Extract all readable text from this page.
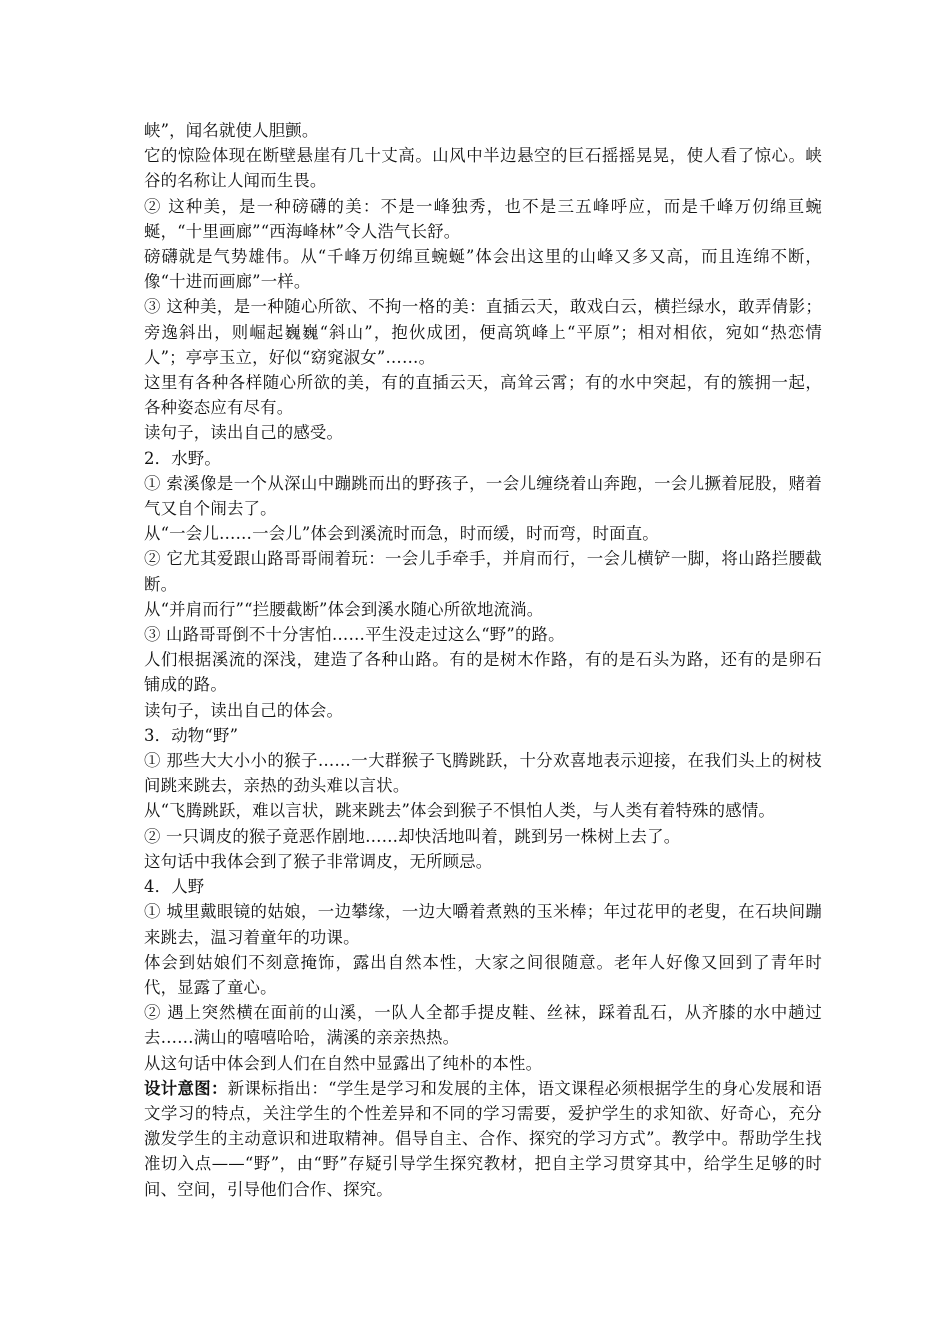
峡”，闻名就使人胆颤。

它的惊险体现在断壁悬崖有几十丈高。山风中半边悬空的巨石摇摇晃晃，使人看了惊心。峡谷的名称让人闻而生畏。

② 这种美，是一种磅礴的美：不是一峰独秀，也不是三五峰呼应，而是千峰万仞绵亘蜿蜒，“十里画廊”“西海峰林”令人浩气长舒。

磅礴就是气势雄伟。从“千峰万仞绵亘蜿蜒”体会出这里的山峰又多又高，而且连绵不断，像“十进而画廊”一样。

③ 这种美，是一种随心所欲、不拘一格的美：直插云天，敢戏白云，横拦绿水，敢弄倩影；旁逸斜出，则崛起巍巍“斜山”，抱伙成团，便高筑峰上“平原”；相对相依，宛如“热恋情人”；亭亭玉立，好似“窈窕淑女”……。

这里有各种各样随心所欲的美，有的直插云天，高耸云霄；有的水中突起，有的簇拥一起，各种姿态应有尽有。

读句子，读出自己的感受。

2．水野。

① 索溪像是一个从深山中蹦跳而出的野孩子，一会儿缠绕着山奔跑，一会儿撅着屁股，赌着气又自个闹去了。

从“一会儿……一会儿”体会到溪流时而急，时而缓，时而弯，时面直。

② 它尤其爱跟山路哥哥闹着玩：一会儿手牵手，并肩而行，一会儿横铲一脚，将山路拦腰截断。

从“并肩而行”“拦腰截断”体会到溪水随心所欲地流淌。

③ 山路哥哥倒不十分害怕……平生没走过这么“野”的路。

人们根据溪流的深浅，建造了各种山路。有的是树木作路，有的是石头为路，还有的是卵石铺成的路。

读句子，读出自己的体会。

3．动物“野”

① 那些大大小小的猴子……一大群猴子飞腾跳跃，十分欢喜地表示迎接，在我们头上的树枝间跳来跳去，亲热的劲头难以言状。

从“飞腾跳跃，难以言状，跳来跳去”体会到猴子不惧怕人类，与人类有着特殊的感情。

② 一只调皮的猴子竟恶作剧地……却快活地叫着，跳到另一株树上去了。

这句话中我体会到了猴子非常调皮，无所顾忌。

4．人野

① 城里戴眼镜的姑娘，一边攀缘，一边大嚼着煮熟的玉米棒；年过花甲的老叟，在石块间蹦来跳去，温习着童年的功课。

体会到姑娘们不刻意掩饰，露出自然本性，大家之间很随意。老年人好像又回到了青年时代，显露了童心。

② 遇上突然横在面前的山溪，一队人全都手提皮鞋、丝袜，踩着乱石，从齐膝的水中趟过去……满山的嘻嘻哈哈，满溪的亲亲热热。

从这句话中体会到人们在自然中显露出了纯朴的本性。

设计意图：新课标指出：“学生是学习和发展的主体，语文课程必须根据学生的身心发展和语文学习的特点，关注学生的个性差异和不同的学习需要，爱护学生的求知欲、好奇心，充分激发学生的主动意识和进取精神。倡导自主、合作、探究的学习方式”。教学中。帮助学生找准切入点——“野”，由“野”存疑引导学生探究教材，把自主学习贯穿其中，给学生足够的时间、空间，引导他们合作、探究。
